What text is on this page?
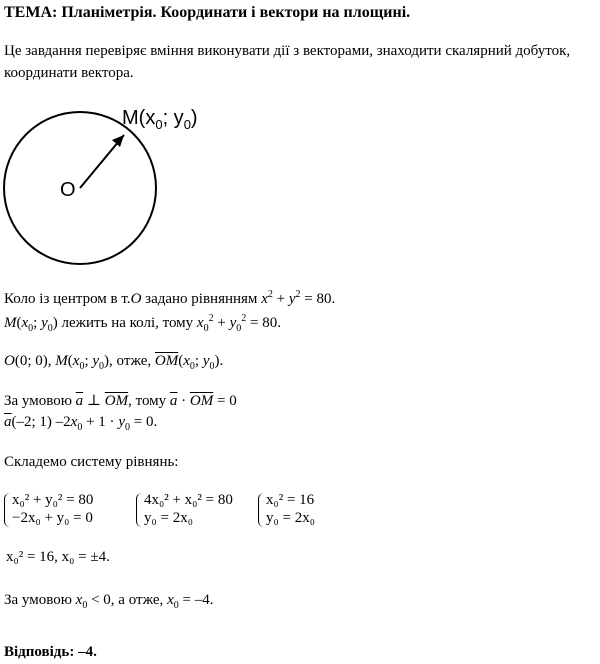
ТЕМА: Планіметрія. Координати і вектори на площині.
Це завдання перевіряє вміння виконувати дії з векторами, знаходити скалярний добуток, координати вектора.
O
$M(x_0$; $y_0$)
Коло із центром в т.O задано рівнянням $x^2 + y^2 = 80$.
$M(x_0$; $y_0$) лежить на колі, тому $x_0^2 + y_0^2 = 80$.
O(0; 0), $M(x_0$; $y_0$), отже, $\overline{OM}(x_0$; $y_0$).
За умовою $\overline{a}$ ⊥ $\overline{OM}$, тому $\overline{a} \cdot \overline{OM} = 0$
$\overline{a}(-2$; 1) $-2x_0 + 1 \cdot y_0 = 0$.
Складемо систему рівнянь:
x₀² + y₀² = 80
−2x₀ + y₀ = 0
4x₀² + x₀² = 80
y₀ = 2x₀
x₀² = 16
y₀ = 2x₀
x₀² = 16, x₀ = ±4.
За умовою $x_0 < 0$, а отже, $x_0 = -4$.
Відповідь: –4.
